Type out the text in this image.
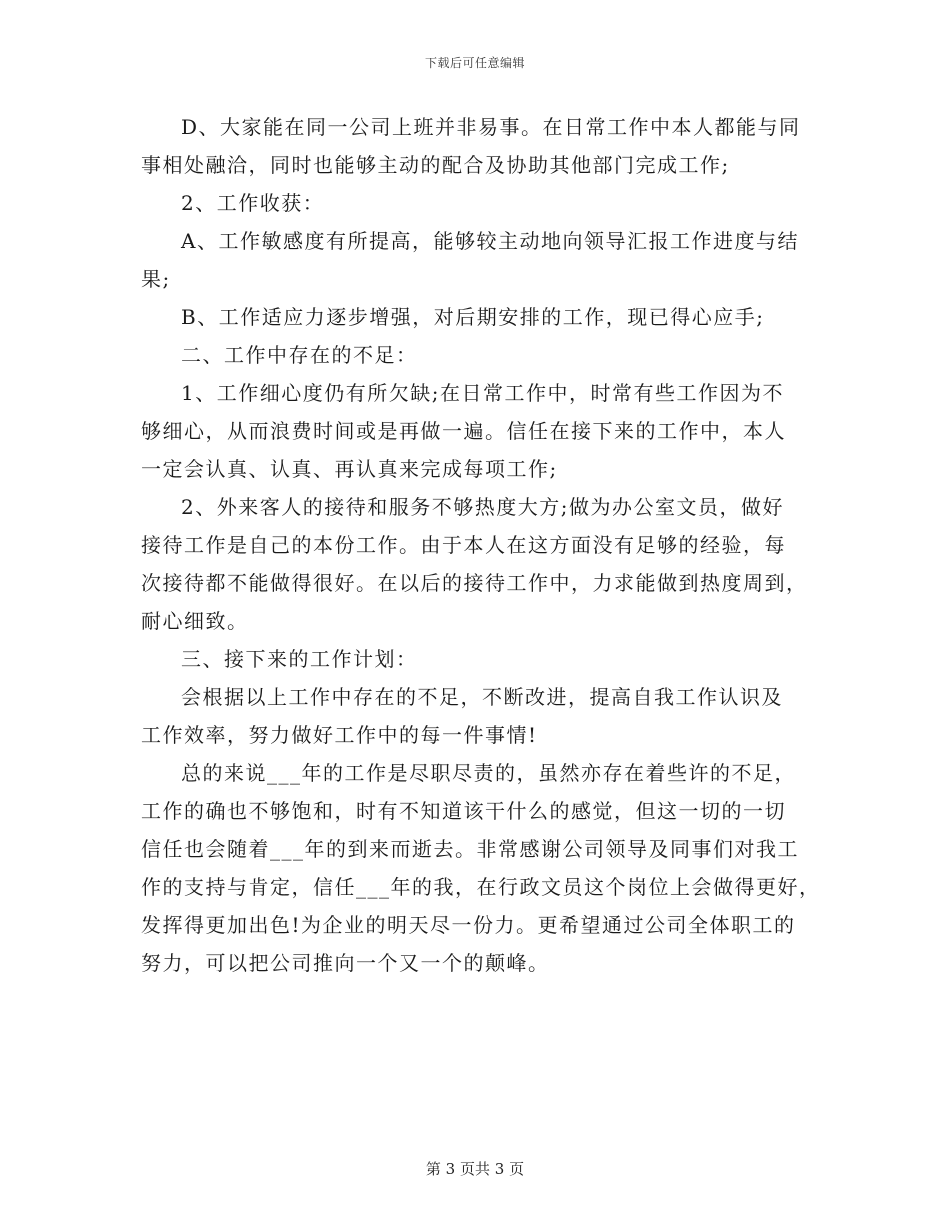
下载后可任意编辑
D、大家能在同一公司上班并非易事。在日常工作中本人都能与同
事相处融洽，同时也能够主动的配合及协助其他部门完成工作;
2、工作收获：
A、工作敏感度有所提高，能够较主动地向领导汇报工作进度与结
果;
B、工作适应力逐步增强，对后期安排的工作，现已得心应手;
二、工作中存在的不足：
1、工作细心度仍有所欠缺;在日常工作中，时常有些工作因为不
够细心，从而浪费时间或是再做一遍。信任在接下来的工作中，本人
一定会认真、认真、再认真来完成每项工作;
2、外来客人的接待和服务不够热度大方;做为办公室文员，做好
接待工作是自己的本份工作。由于本人在这方面没有足够的经验，每
次接待都不能做得很好。在以后的接待工作中，力求能做到热度周到，
耐心细致。
三、接下来的工作计划：
会根据以上工作中存在的不足，不断改进，提高自我工作认识及
工作效率，努力做好工作中的每一件事情!
总的来说___年的工作是尽职尽责的，虽然亦存在着些许的不足，
工作的确也不够饱和，时有不知道该干什么的感觉，但这一切的一切
信任也会随着___年的到来而逝去。非常感谢公司领导及同事们对我工
作的支持与肯定，信任___年的我，在行政文员这个岗位上会做得更好，
发挥得更加出色!为企业的明天尽一份力。更希望通过公司全体职工的
努力，可以把公司推向一个又一个的颠峰。
第 3 页共 3 页
